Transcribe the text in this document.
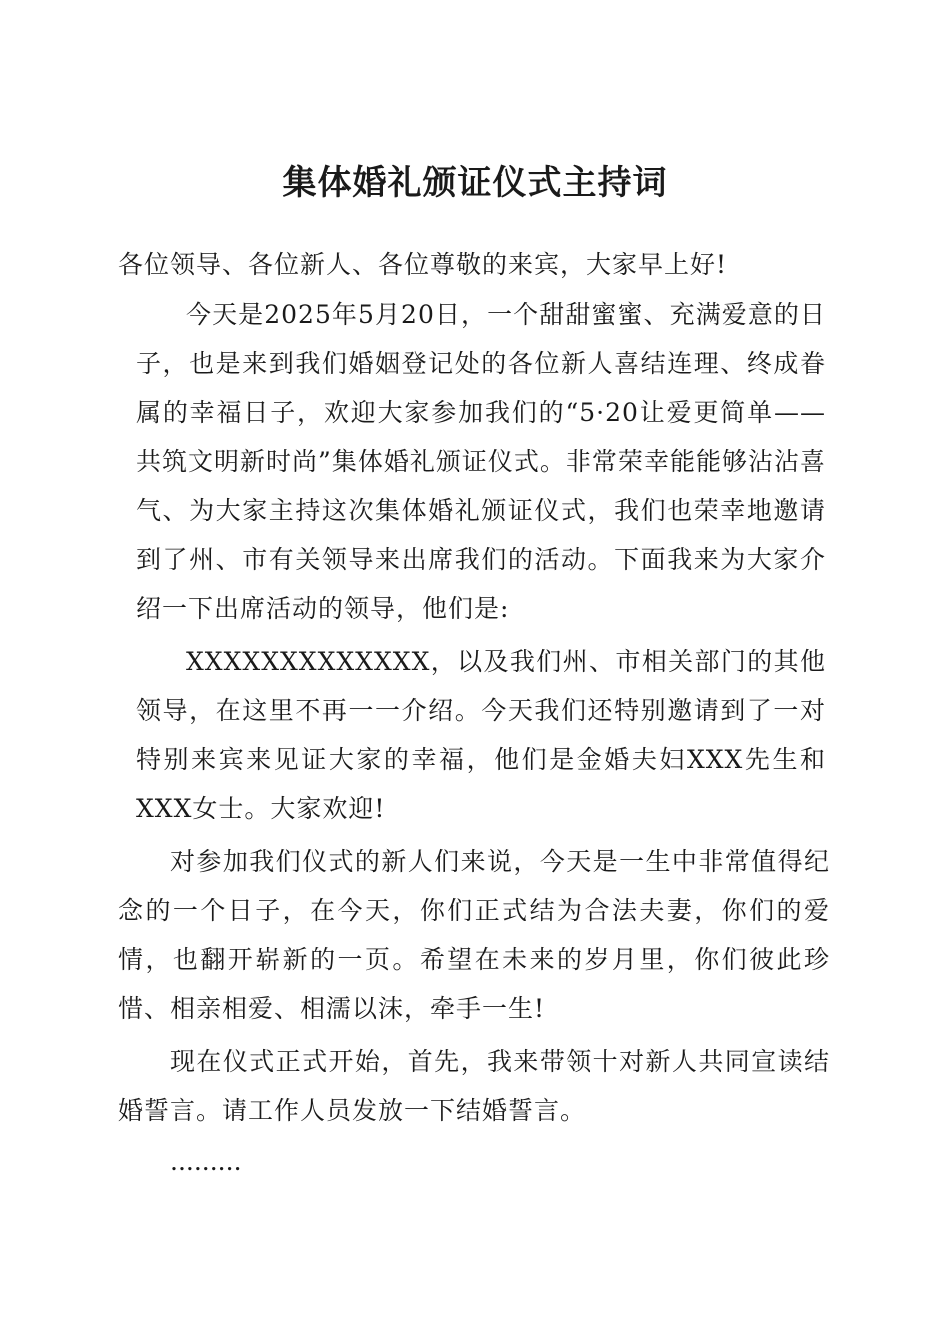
集体婚礼颁证仪式主持词

各位领导、各位新人、各位尊敬的来宾，大家早上好!

今天是2025年5月20日，一个甜甜蜜蜜、充满爱意的日子，也是来到我们婚姻登记处的各位新人喜结连理、终成眷属的幸福日子，欢迎大家参加我们的“5·20让爱更简单——共筑文明新时尚”集体婚礼颁证仪式。非常荣幸能能够沾沾喜气、为大家主持这次集体婚礼颁证仪式，我们也荣幸地邀请到了州、市有关领导来出席我们的活动。下面我来为大家介绍一下出席活动的领导，他们是:

XXXXXXXXXXXXX，以及我们州、市相关部门的其他领导，在这里不再一一介绍。今天我们还特别邀请到了一对特别来宾来见证大家的幸福，他们是金婚夫妇XXX先生和XXX女士。大家欢迎!

对参加我们仪式的新人们来说，今天是一生中非常值得纪念的一个日子，在今天，你们正式结为合法夫妻，你们的爱情，也翻开崭新的一页。希望在未来的岁月里，你们彼此珍惜、相亲相爱、相濡以沫，牵手一生!

现在仪式正式开始，首先，我来带领十对新人共同宣读结婚誓言。请工作人员发放一下结婚誓言。

.........
